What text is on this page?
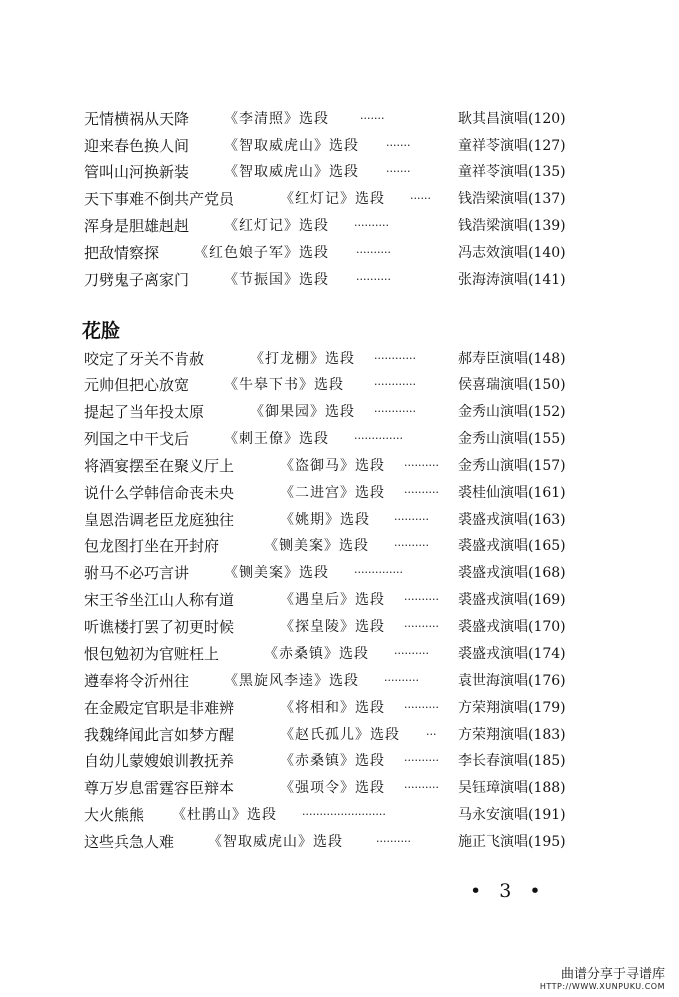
无情横祸从天降 《李清照》选段	·······	耿其昌演唱(120)
迎来春色换人间 《智取威虎山》选段 ·······	童祥苓演唱(127)
管叫山河换新装 《智取威虎山》选段 ·······	童祥苓演唱(135)
天下事难不倒共产党员	《红灯记》选段 ······ 钱浩梁演唱(137)
浑身是胆雄赳赳 《红灯记》选段 ··········	钱浩梁演唱(139)
把敌情察探 《红色娘子军》选段 ··········	冯志效演唱(140)
刀劈鬼子离家门 《节振国》选段 ··········	张海涛演唱(141)
花脸
咬定了牙关不肯赦	《打龙棚》选段 ············	郝寿臣演唱(148)
元帅但把心放宽 《牛皋下书》选段	············	侯喜瑞演唱(150)
提起了当年投太原	《御果园》选段 ············	金秀山演唱(152)
列国之中干戈后 《刺王僚》选段 ··············	金秀山演唱(155)
将酒宴摆至在聚义厅上	《盗御马》选段 ·········· 金秀山演唱(157)
说什么学韩信命丧未央	《二进宫》选段 ·········· 裘桂仙演唱(161)
皇恩浩调老臣龙庭独往	《姚期》选段 ·········· 裘盛戎演唱(163)
包龙图打坐在开封府	《铡美案》选段 ·········· 裘盛戎演唱(165)
驸马不必巧言讲 《铡美案》选段 ··············	裘盛戎演唱(168)
宋王爷坐江山人称有道	《遇皇后》选段 ·········· 裘盛戎演唱(169)
听谯楼打罢了初更时候	《探皇陵》选段 ·········· 裘盛戎演唱(170)
恨包勉初为官赃枉上	《赤桑镇》选段 ·········· 裘盛戎演唱(174)
遵奉将令沂州往 《黑旋风李逵》选段 ··········	袁世海演唱(176)
在金殿定官职是非难辨	《将相和》选段 ·········· 方荣翔演唱(179)
我魏绛闻此言如梦方醒	《赵氏孤儿》选段 ··· 方荣翔演唱(183)
自幼儿蒙嫂娘训教抚养	《赤桑镇》选段 ·········· 李长春演唱(185)
尊万岁息雷霆容臣辩本	《强项令》选段 ·········· 吴钰璋演唱(188)
大火熊熊 《杜鹃山》选段 ························	马永安演唱(191)
这些兵急人难 《智取威虎山》选段	··········	施正飞演唱(195)
• 3 •
曲谱分享于寻谱库
HTTP://WWW.XUNPUKU.COM
